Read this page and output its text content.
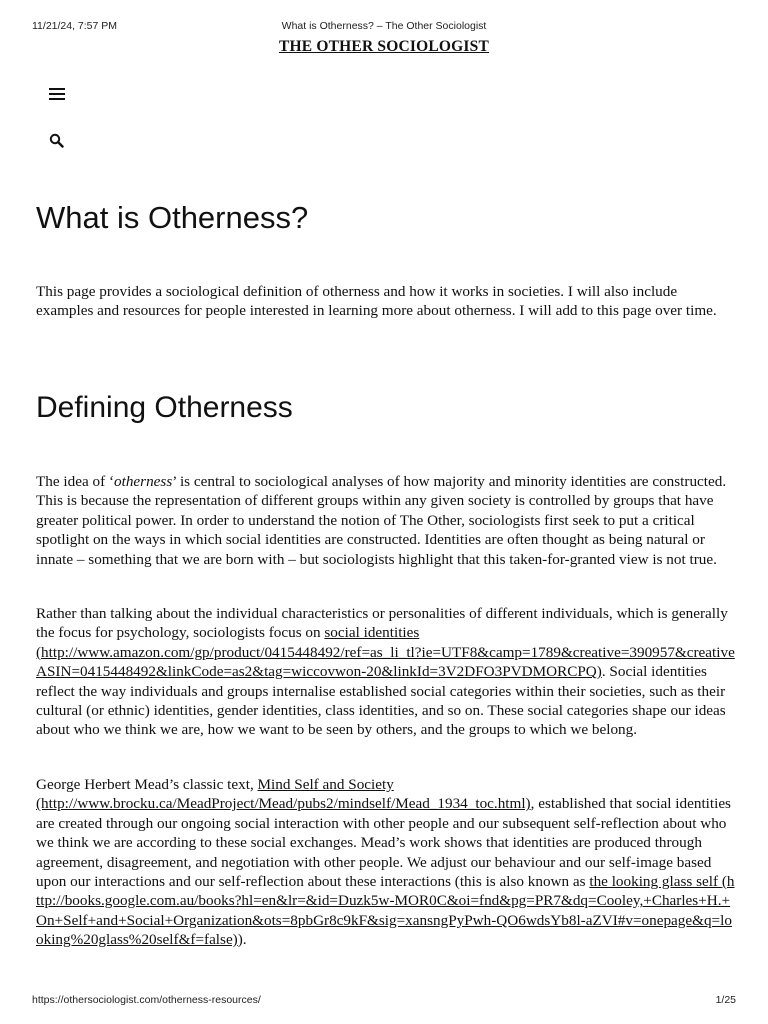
11/21/24, 7:57 PM	What is Otherness? – The Other Sociologist
THE OTHER SOCIOLOGIST
What is Otherness?

This page provides a sociological definition of otherness and how it works in societies. I will also include examples and resources for people interested in learning more about otherness. I will add to this page over time.

Defining Otherness

The idea of ‘otherness’ is central to sociological analyses of how majority and minority identities are constructed. This is because the representation of different groups within any given society is controlled by groups that have greater political power. In order to understand the notion of The Other, sociologists first seek to put a critical spotlight on the ways in which social identities are constructed. Identities are often thought as being natural or innate – something that we are born with – but sociologists highlight that this taken-for-granted view is not true.

Rather than talking about the individual characteristics or personalities of different individuals, which is generally the focus for psychology, sociologists focus on social identities
(http://www.amazon.com/gp/product/0415448492/ref=as_li_tl?ie=UTF8&camp=1789&creative=390957&creativeASIN=0415448492&linkCode=as2&tag=wiccovwon-20&linkId=3V2DFO3PVDMORCPQ). Social identities reflect the way individuals and groups internalise established social categories within their societies, such as their cultural (or ethnic) identities, gender identities, class identities, and so on. These social categories shape our ideas about who we think we are, how we want to be seen by others, and the groups to which we belong.

George Herbert Mead’s classic text, Mind Self and Society
(http://www.brocku.ca/MeadProject/Mead/pubs2/mindself/Mead_1934_toc.html), established that social identities are created through our ongoing social interaction with other people and our subsequent self-reflection about who we think we are according to these social exchanges. Mead’s work shows that identities are produced through agreement, disagreement, and negotiation with other people. We adjust our behaviour and our self-image based upon our interactions and our self-reflection about these interactions (this is also known as the looking glass self (http://books.google.com.au/books?hl=en&lr=&id=Duzk5w-MOR0C&oi=fnd&pg=PR7&dq=Cooley,+Charles+H.+On+Self+and+Social+Organization&ots=8pbGr8c9kF&sig=xansngPyPwh-QO6wdsYb8l-aZVI#v=onepage&q=looking%20glass%20self&f=false)).

https://othersociologist.com/otherness-resources/	1/25
